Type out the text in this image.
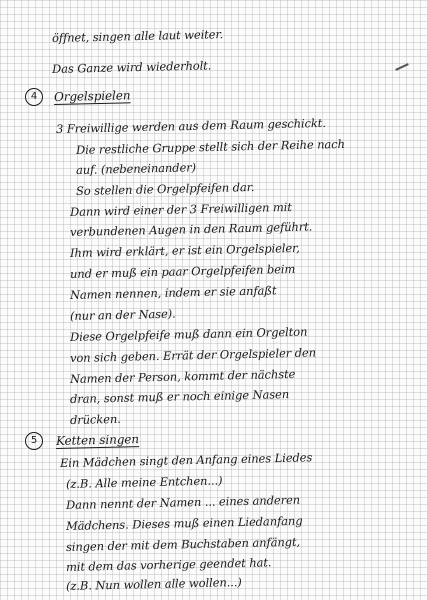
öffnet, singen alle laut weiter.
Das Ganze wird wiederholt.
4	Orgelspielen
3 Freiwillige werden aus dem Raum geschickt.
Die restliche Gruppe stellt sich der Reihe nach
auf. (nebeneinander)
So stellen die Orgelpfeifen dar.
Dann wird einer der 3 Freiwilligen mit
verbundenen Augen in den Raum geführt.
Ihm wird erklärt, er ist ein Orgelspieler,
und er muß ein paar Orgelpfeifen beim
Namen nennen, indem er sie anfaßt
(nur an der Nase).
Diese Orgelpfeife muß dann ein Orgelton
von sich geben. Errät der Orgelspieler den
Namen der Person, kommt der nächste
dran, sonst muß er noch einige Nasen
drücken.
5	Ketten singen
Ein Mädchen singt den Anfang eines Liedes
(z.B. Alle meine Entchen...)
Dann nennt der Namen ... eines anderen
Mädchens. Dieses muß einen Liedanfang
singen der mit dem Buchstaben anfängt,
mit dem das vorherige geendet hat.
(z.B. Nun wollen alle wollen...)
